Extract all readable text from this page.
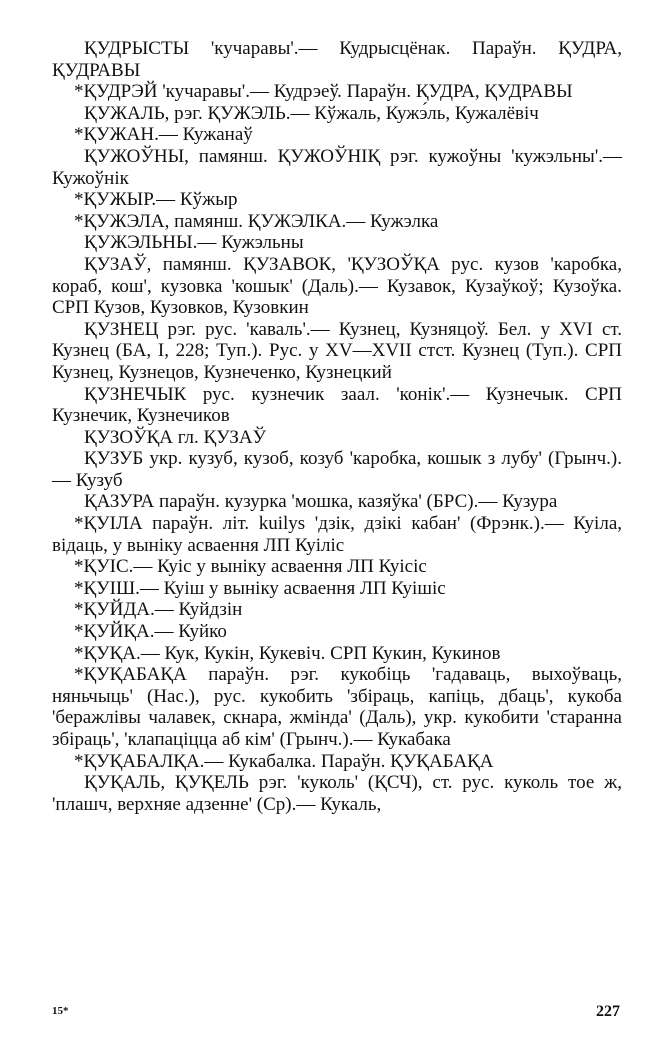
ҚУДРЫСТЫ 'кучаравы'.— Кудрысцёнак. Параўн. ҚУДРА, ҚУДРАВЫ

*ҚУДРЭЙ 'кучаравы'.— Кудрэеў. Параўн. ҚУДРА, ҚУДРАВЫ

ҚУЖАЛЬ, рэг. ҚУЖЭЛЬ.— Кўжаль, Кужэ́ль, Кужалёвіч

*ҚУЖАН.— Кужанаў

ҚУЖОЎНЫ, памянш. ҚУЖОЎНІҚ рэг. кужоўны 'кужэльны'.— Кужоўнік

*ҚУЖЫР.— Кўжыр

*ҚУЖЭЛА, памянш. ҚУЖЭЛКА.— Кужэлка

ҚУЖЭЛЬНЫ.— Кужэльны

ҚУЗАЎ, памянш. ҚУЗАВОК, 'ҚУЗОЎҚА рус. кузов 'каробка, кораб, кош', кузовка 'кошык' (Даль).— Кузавок, Кузаўкоў; Кузоўка. СРП Кузов, Кузовков, Кузовкин

ҚУЗНЕЦ рэг. рус. 'каваль'.— Кузнец, Кузняцоў. Бел. у XVI ст. Кузнец (БА, I, 228; Туп.). Рус. у XV—XVII стст. Кузнец (Туп.). СРП Кузнец, Кузнецов, Кузнеченко, Кузнецкий

ҚУЗНЕЧЫК рус. кузнечик заал. 'конік'.— Кузнечык. СРП Кузнечик, Кузнечиков

ҚУЗОЎҚА гл. ҚУЗАЎ

ҚУЗУБ укр. кузуб, кузоб, козуб 'каробка, кошык з лубу' (Грынч.).— Кузуб

ҚАЗУРА параўн. кузурка 'мошка, казяўка' (БРС).— Кузура

*ҚУІЛА параўн. літ. kuilys 'дзік, дзікі кабан' (Фрэнк.).— Куіла, відаць, у выніку асваення ЛП Куіліс

*ҚУІС.— Куіс у выніку асваення ЛП Куісіс

*ҚУІШ.— Куіш у выніку асваення ЛП Куішіс

*ҚУЙДА.— Куйдзін

*ҚУЙҚА.— Куйко

*ҚУҚА.— Кук, Кукін, Кукевіч. СРП Кукин, Кукинов

*ҚУҚАБАҚА параўн. рэг. кукобіць 'гадаваць, выхоўваць, няньчыць' (Нас.), рус. кукобить 'збіраць, капіць, дбаць', кукоба 'беражлівы чалавек, скнара, жмінда' (Даль), укр. кукобити 'старанна збіраць', 'клапаціцца аб кім' (Грынч.).— Кукабака

*ҚУҚАБАЛҚА.— Кукабалка. Параўн. ҚУҚАБАҚА

ҚУҚАЛЬ, ҚУҚЕЛЬ рэг. 'куколь' (ҚСЧ), ст. рус. куколь тое ж, 'плашч, верхняе адзенне' (Ср).— Кукаль,

15*	227
